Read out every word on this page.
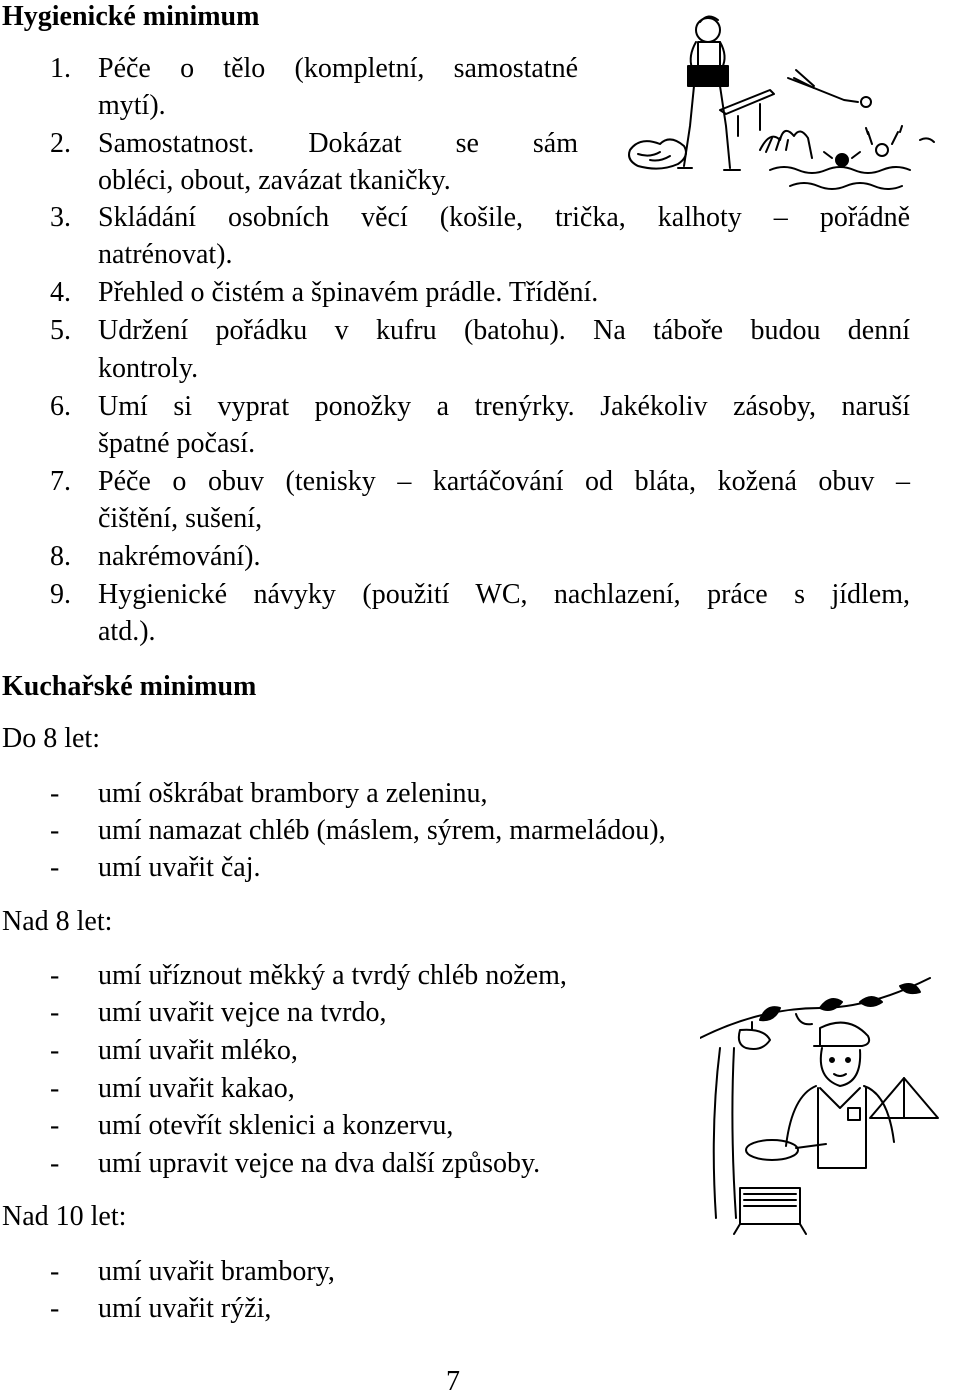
Hygienické minimum
1. Péče o tělo (kompletní, samostatné
mytí).
2. Samostatnost. Dokázat se sám
obléci, obout, zavázat tkaničky.
3. Skládání osobních věcí (košile, trička, kalhoty – pořádně
natrénovat).
4. Přehled o čistém a špinavém prádle. Třídění.
5. Udržení pořádku v kufru (batohu). Na táboře budou denní
kontroly.
6. Umí si vyprat ponožky a trenýrky. Jakékoliv zásoby, naruší
špatné počasí.
7. Péče o obuv (tenisky – kartáčování od bláta, kožená obuv –
čištění, sušení,
8. nakrémování).
9. Hygienické návyky (použití WC, nachlazení, práce s jídlem,
atd.).
Kuchařské minimum
Do 8 let:
- umí oškrábat brambory a zeleninu,
- umí namazat chléb (máslem, sýrem, marmeládou),
- umí uvařit čaj.
Nad 8 let:
- umí uříznout měkký a tvrdý chléb nožem,
- umí uvařit vejce na tvrdo,
- umí uvařit mléko,
- umí uvařit kakao,
- umí otevřít sklenici a konzervu,
- umí upravit vejce na dva další způsoby.
Nad 10 let:
- umí uvařit brambory,
- umí uvařit rýži,
7
